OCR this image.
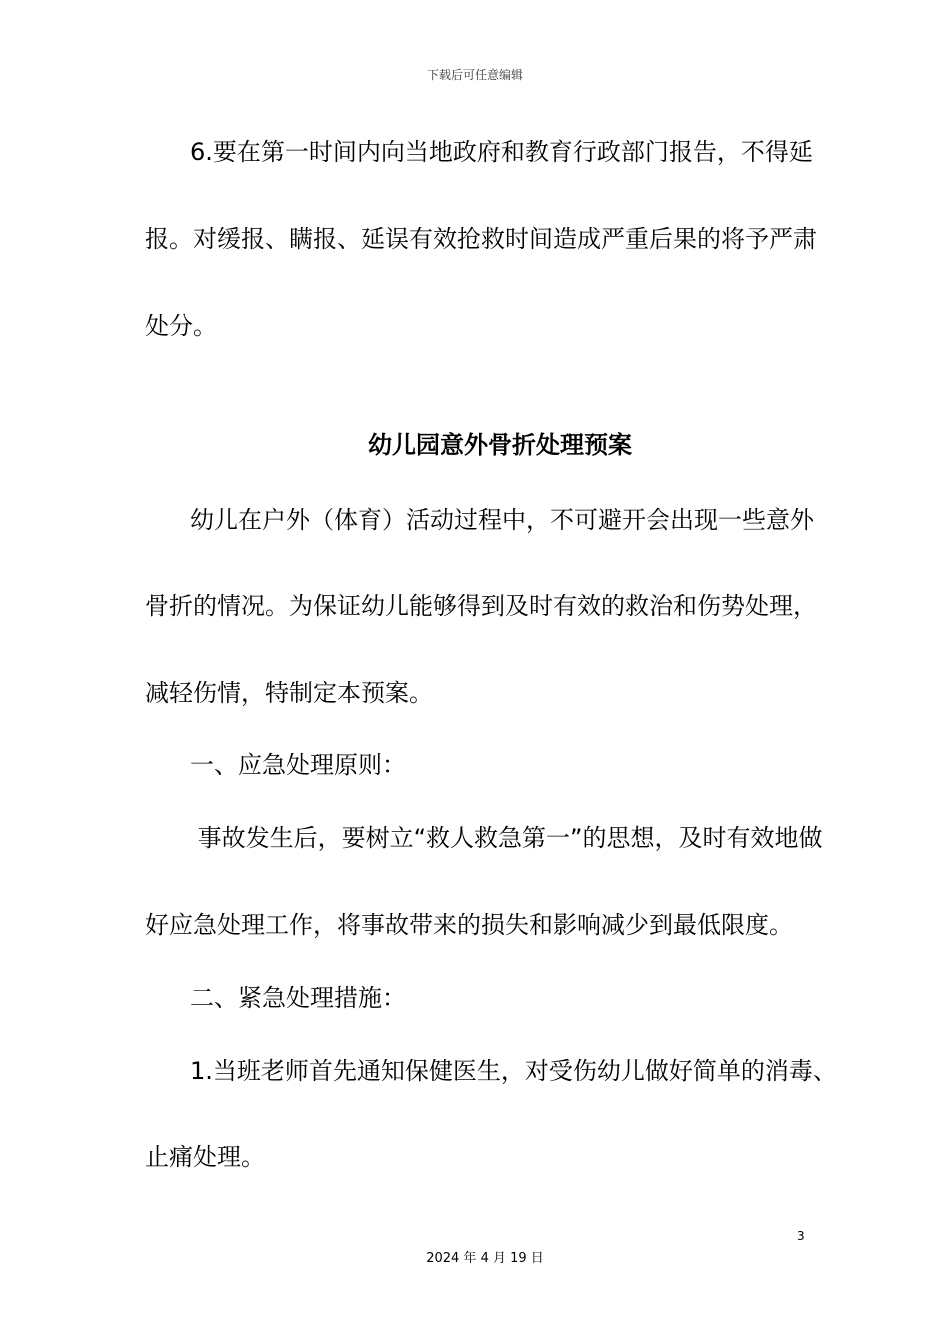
下载后可任意编辑
6.要在第一时间内向当地政府和教育行政部门报告，不得延
报。对缓报、瞒报、延误有效抢救时间造成严重后果的将予严肃
处分。
幼儿园意外骨折处理预案
幼儿在户外（体育）活动过程中，不可避开会出现一些意外
骨折的情况。为保证幼儿能够得到及时有效的救治和伤势处理，
减轻伤情，特制定本预案。
一、应急处理原则：
事故发生后，要树立“救人救急第一”的思想，及时有效地做
好应急处理工作，将事故带来的损失和影响减少到最低限度。
二、紧急处理措施：
1.当班老师首先通知保健医生，对受伤幼儿做好简单的消毒、
止痛处理。
3
2024 年 4 月 19 日
